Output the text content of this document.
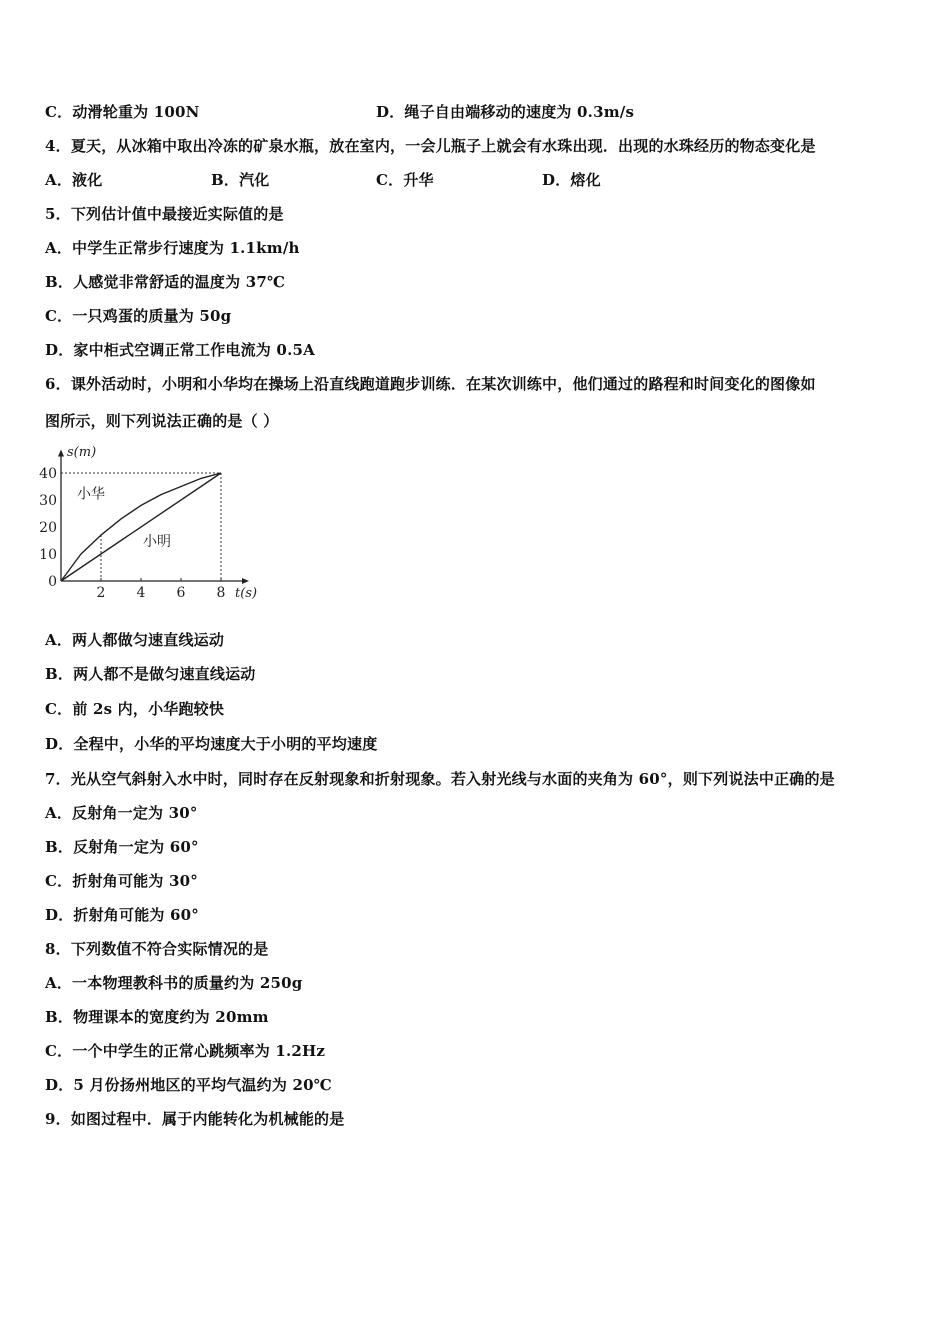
C．动滑轮重为 100N	D．绳子自由端移动的速度为 0.3m/s
4．夏天，从冰箱中取出冷冻的矿泉水瓶，放在室内，一会儿瓶子上就会有水珠出现．出现的水珠经历的物态变化是
A．液化	B．汽化	C．升华	D．熔化
5．下列估计值中最接近实际值的是
A．中学生正常步行速度为 1.1km/h
B．人感觉非常舒适的温度为 37℃
C．一只鸡蛋的质量为 50g
D．家中柜式空调正常工作电流为 0.5A
6．课外活动时，小明和小华均在操场上沿直线跑道跑步训练．在某次训练中，他们通过的路程和时间变化的图像如
图所示，则下列说法正确的是（ ）
2 4 6 8
0
10
20
30
40
小华
小明
s(m)
t(s)
A．两人都做匀速直线运动
B．两人都不是做匀速直线运动
C．前 2s 内，小华跑较快
D．全程中，小华的平均速度大于小明的平均速度
7．光从空气斜射入水中时，同时存在反射现象和折射现象。若入射光线与水面的夹角为 60°，则下列说法中正确的是
A．反射角一定为 30°
B．反射角一定为 60°
C．折射角可能为 30°
D．折射角可能为 60°
8．下列数值不符合实际情况的是
A．一本物理教科书的质量约为 250g
B．物理课本的宽度约为 20mm
C．一个中学生的正常心跳频率为 1.2Hz
D．5 月份扬州地区的平均气温约为 20℃
9．如图过程中．属于内能转化为机械能的是
